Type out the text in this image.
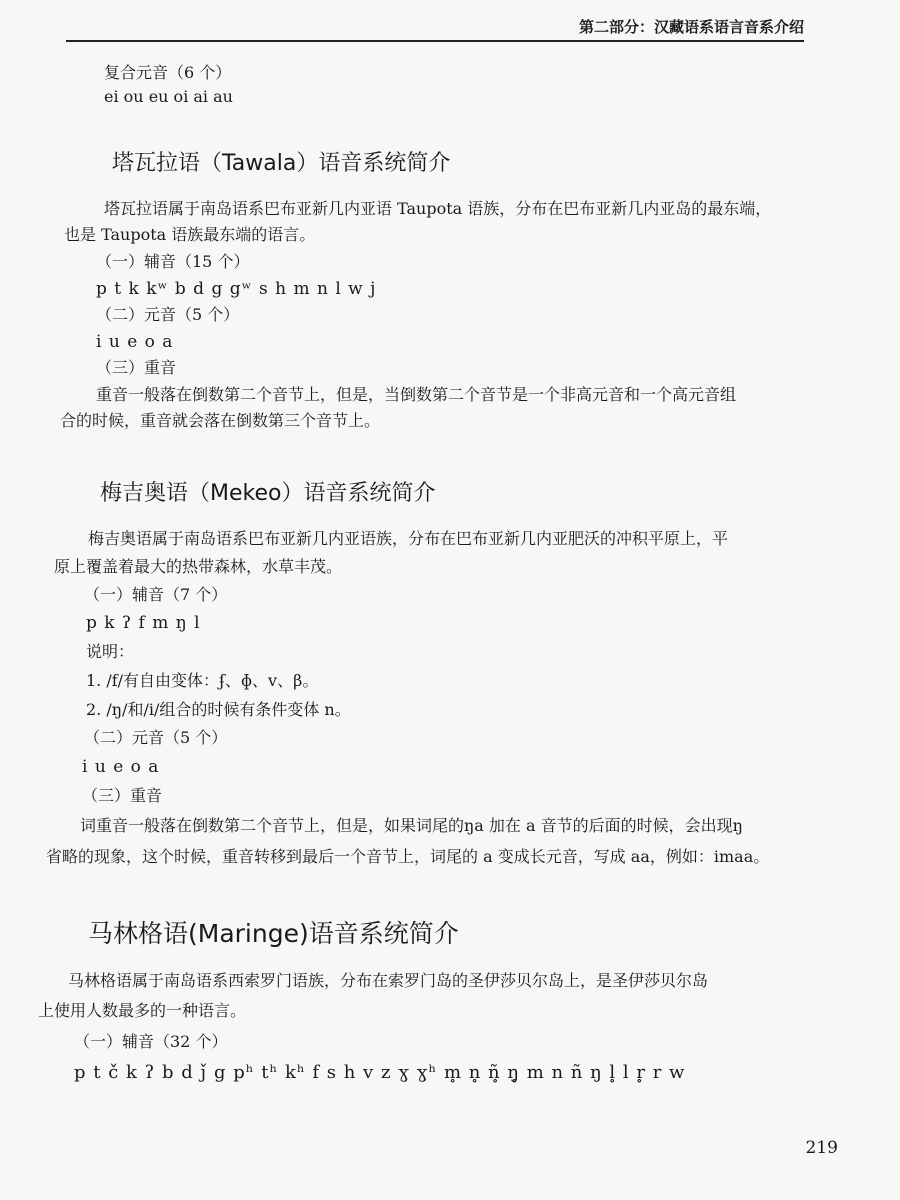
第二部分：汉藏语系语言音系介绍
复合元音（6 个）
ei ou eu oi ai au
塔瓦拉语（Tawala）语音系统简介
塔瓦拉语属于南岛语系巴布亚新几内亚语 Taupota 语族，分布在巴布亚新几内亚岛的最东端，
也是 Taupota 语族最东端的语言。
（一）辅音（15 个）
p t k kʷ b d g gʷ s h m n l w j
（二）元音（5 个）
i u e o a
（三）重音
重音一般落在倒数第二个音节上，但是，当倒数第二个音节是一个非高元音和一个高元音组
合的时候，重音就会落在倒数第三个音节上。
梅吉奥语（Mekeo）语音系统简介
梅吉奥语属于南岛语系巴布亚新几内亚语族，分布在巴布亚新几内亚肥沃的冲积平原上，平
原上覆盖着最大的热带森林，水草丰茂。
（一）辅音（7 个）
p k ʔ f m ŋ l
说明：
1. /f/有自由变体：ʄ、ɸ、v、β。
2. /ŋ/和/i/组合的时候有条件变体 n。
（二）元音（5 个）
i u e o a
（三）重音
词重音一般落在倒数第二个音节上，但是，如果词尾的ŋa 加在 a 音节的后面的时候，会出现ŋ
省略的现象，这个时候，重音转移到最后一个音节上，词尾的 a 变成长元音，写成 aa，例如：imaa。
马林格语(Maringe)语音系统简介
马林格语属于南岛语系西索罗门语族，分布在索罗门岛的圣伊莎贝尔岛上，是圣伊莎贝尔岛
上使用人数最多的一种语言。
（一）辅音（32 个）
p t č k ʔ b d ǰ g pʰ tʰ kʰ f s h v z ɣ ɣʰ m̥ n̥ ñ̥ ŋ̥ m n ñ ŋ l̥ l r̥ r w
219
